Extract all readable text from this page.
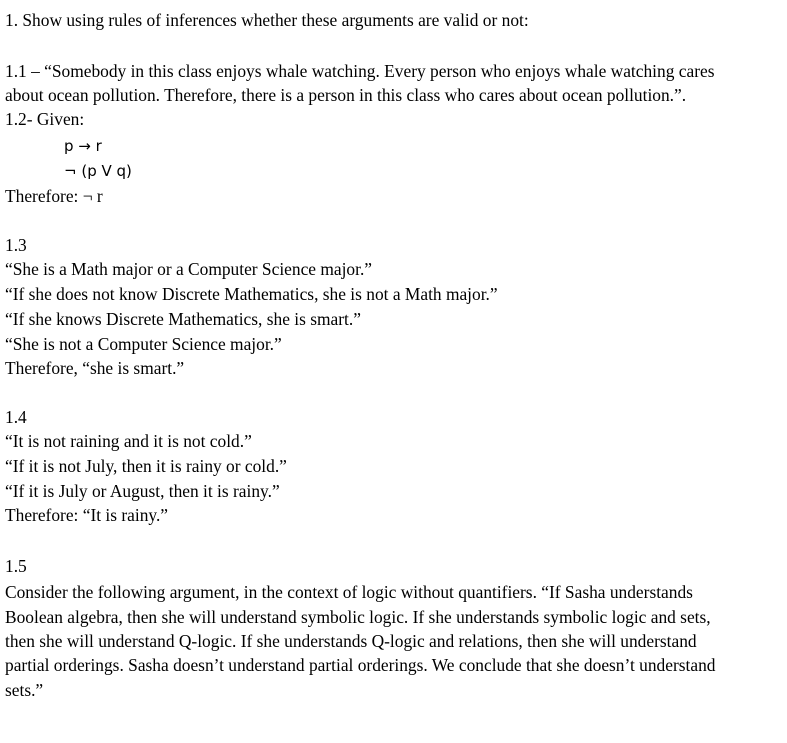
1. Show using rules of inferences whether these arguments are valid or not:
1.1 – “Somebody in this class enjoys whale watching. Every person who enjoys whale watching cares
about ocean pollution. Therefore, there is a person in this class who cares about ocean pollution.”.
1.2- Given:
p → r
¬ (p V q)
Therefore: ¬ r
1.3
“She is a Math major or a Computer Science major.”
“If she does not know Discrete Mathematics, she is not a Math major.”
“If she knows Discrete Mathematics, she is smart.”
“She is not a Computer Science major.”
Therefore, “she is smart.”
1.4
“It is not raining and it is not cold.”
“If it is not July, then it is rainy or cold.”
“If it is July or August, then it is rainy.”
Therefore: “It is rainy.”
1.5
Consider the following argument, in the context of logic without quantifiers. “If Sasha understands
Boolean algebra, then she will understand symbolic logic. If she understands symbolic logic and sets,
then she will understand Q-logic. If she understands Q-logic and relations, then she will understand
partial orderings. Sasha doesn’t understand partial orderings. We conclude that she doesn’t understand
sets.”
